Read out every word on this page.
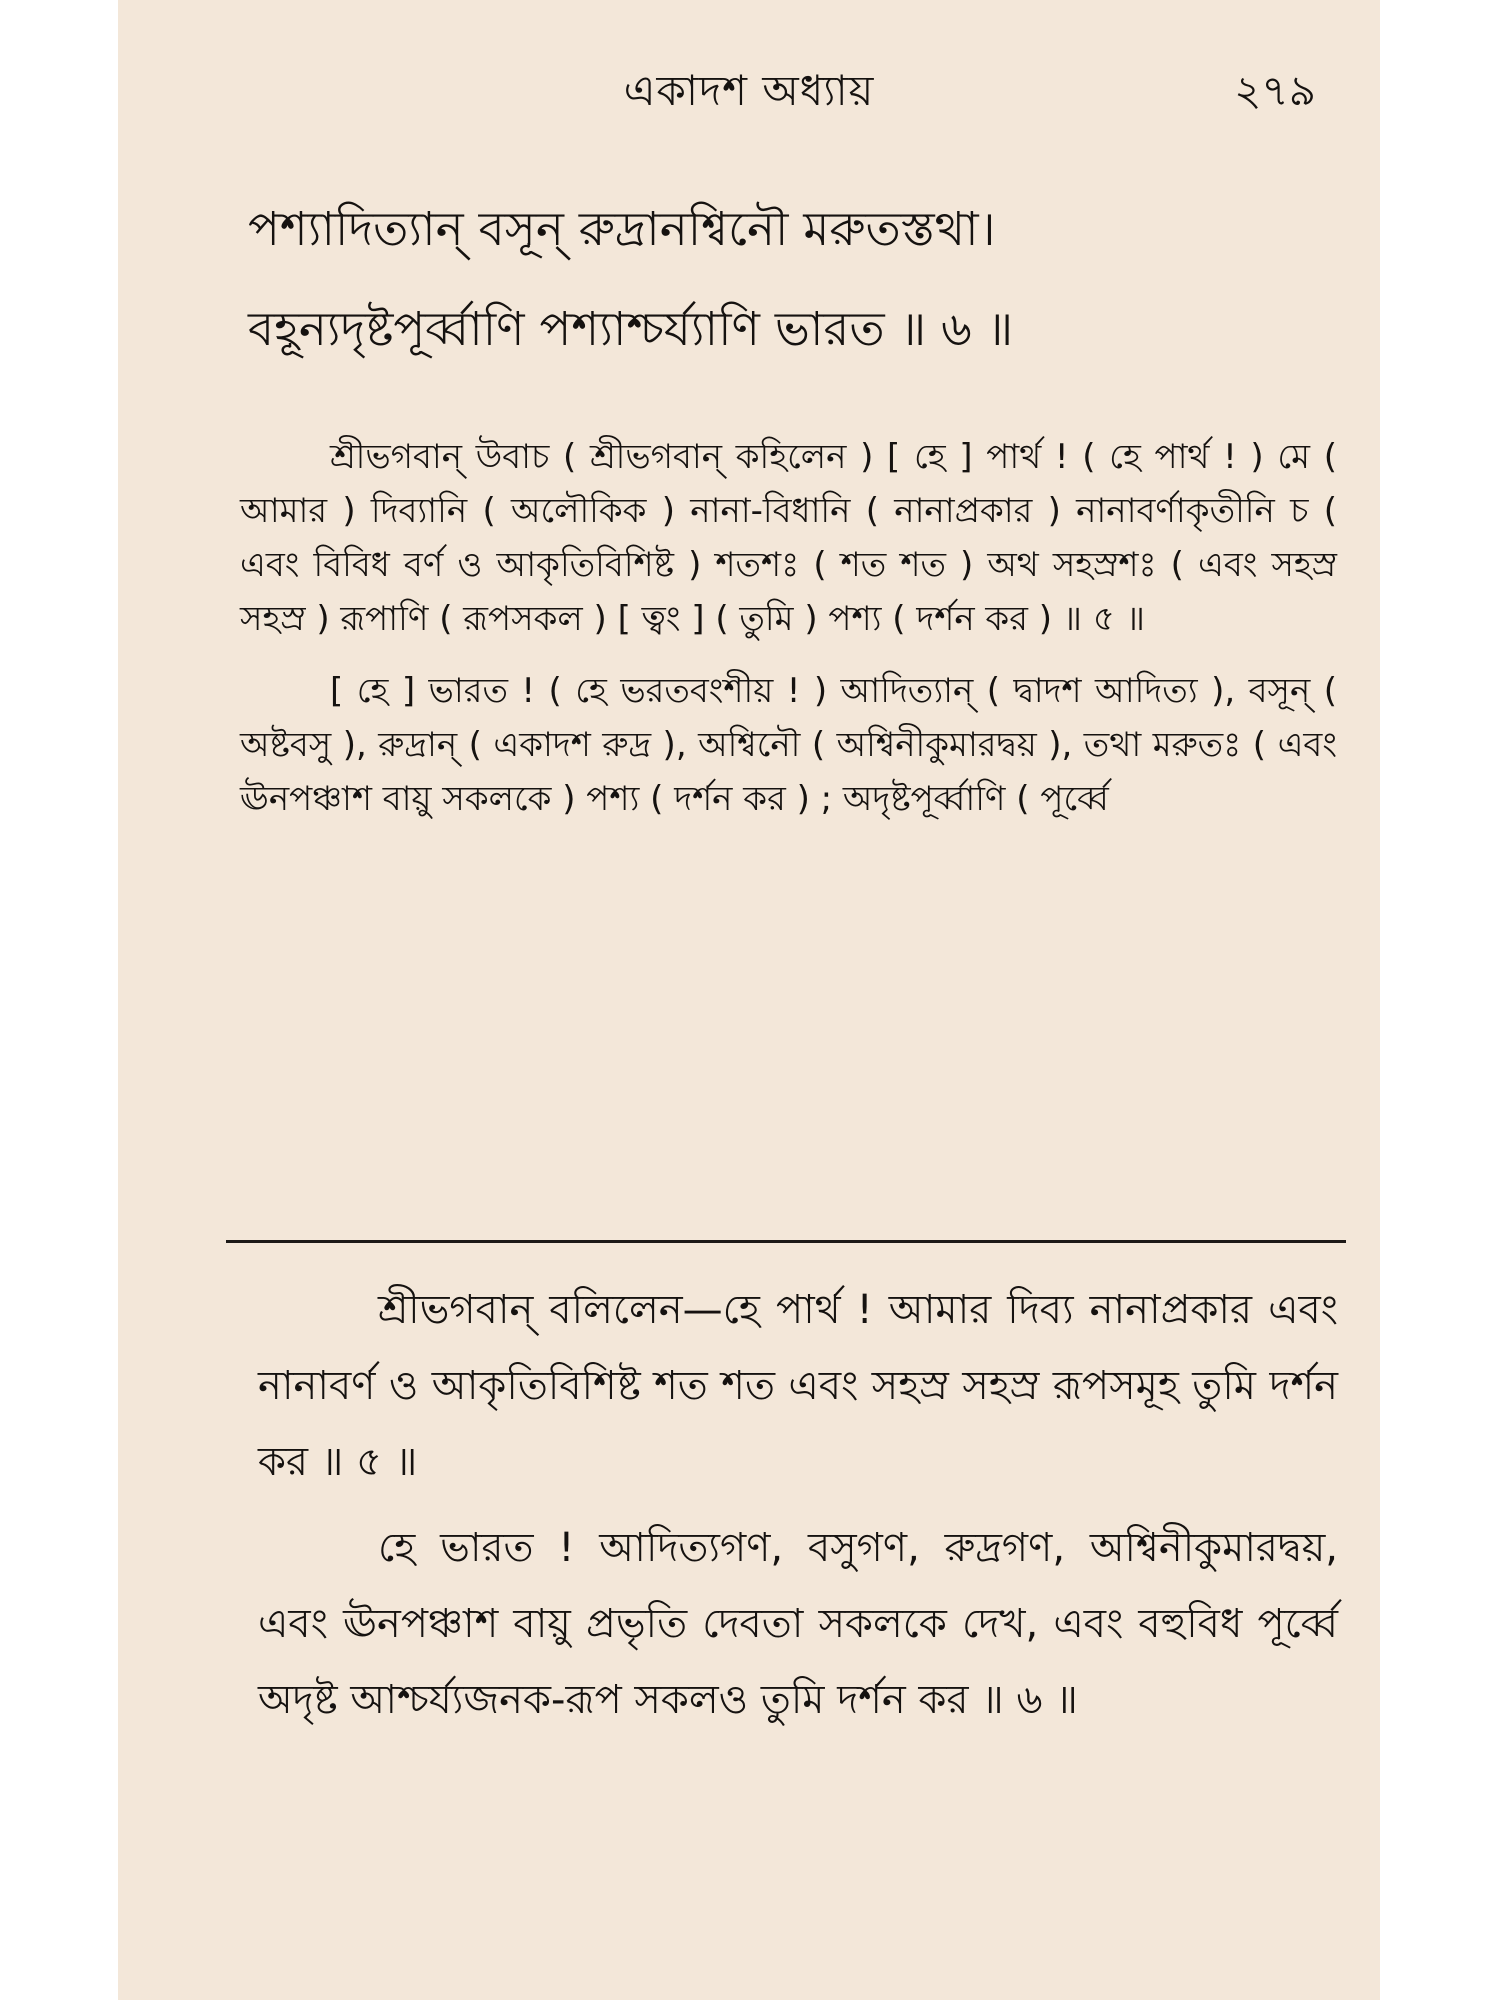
একাদশ অধ্যায়	২৭৯

পশ্যাদিত্যান্ বসূন্ রুদ্রানশ্বিনৌ মরুতস্তথা।

বহূন্যদৃষ্টপূর্ব্বাণি পশ্যাশ্চর্য্যাণি ভারত ॥ ৬ ॥

শ্রীভগবান্ উবাচ ( শ্রীভগবান্ কহিলেন ) [ হে ] পার্থ ! ( হে পার্থ ! ) মে ( আমার ) দিব্যানি ( অলৌকিক ) নানা-বিধানি ( নানাপ্রকার ) নানাবর্ণাকৃতীনি চ ( এবং বিবিধ বর্ণ ও আকৃতিবিশিষ্ট ) শতশঃ ( শত শত ) অথ সহস্রশঃ ( এবং সহস্র সহস্র ) রূপাণি ( রূপসকল ) [ ত্বং ] ( তুমি ) পশ্য ( দর্শন কর ) ॥ ৫ ॥

[ হে ] ভারত ! ( হে ভরতবংশীয় ! ) আদিত্যান্ ( দ্বাদশ আদিত্য ), বসূন্ ( অষ্টবসু ), রুদ্রান্ ( একাদশ রুদ্র ), অশ্বিনৌ ( অশ্বিনীকুমারদ্বয় ), তথা মরুতঃ ( এবং ঊনপঞ্চাশ বায়ু সকলকে ) পশ্য ( দর্শন কর ) ; অদৃষ্টপূর্ব্বাণি ( পূর্ব্বে

শ্রীভগবান্ বলিলেন—হে পার্থ ! আমার দিব্য নানাপ্রকার এবং নানাবর্ণ ও আকৃতিবিশিষ্ট শত শত এবং সহস্র সহস্র রূপসমূহ তুমি দর্শন কর ॥ ৫ ॥

হে ভারত ! আদিত্যগণ, বসুগণ, রুদ্রগণ, অশ্বিনীকুমারদ্বয়, এবং ঊনপঞ্চাশ বায়ু প্রভৃতি দেবতা সকলকে দেখ, এবং বহুবিধ পূর্ব্বে অদৃষ্ট আশ্চর্য্যজনক-রূপ সকলও তুমি দর্শন কর ॥ ৬ ॥
